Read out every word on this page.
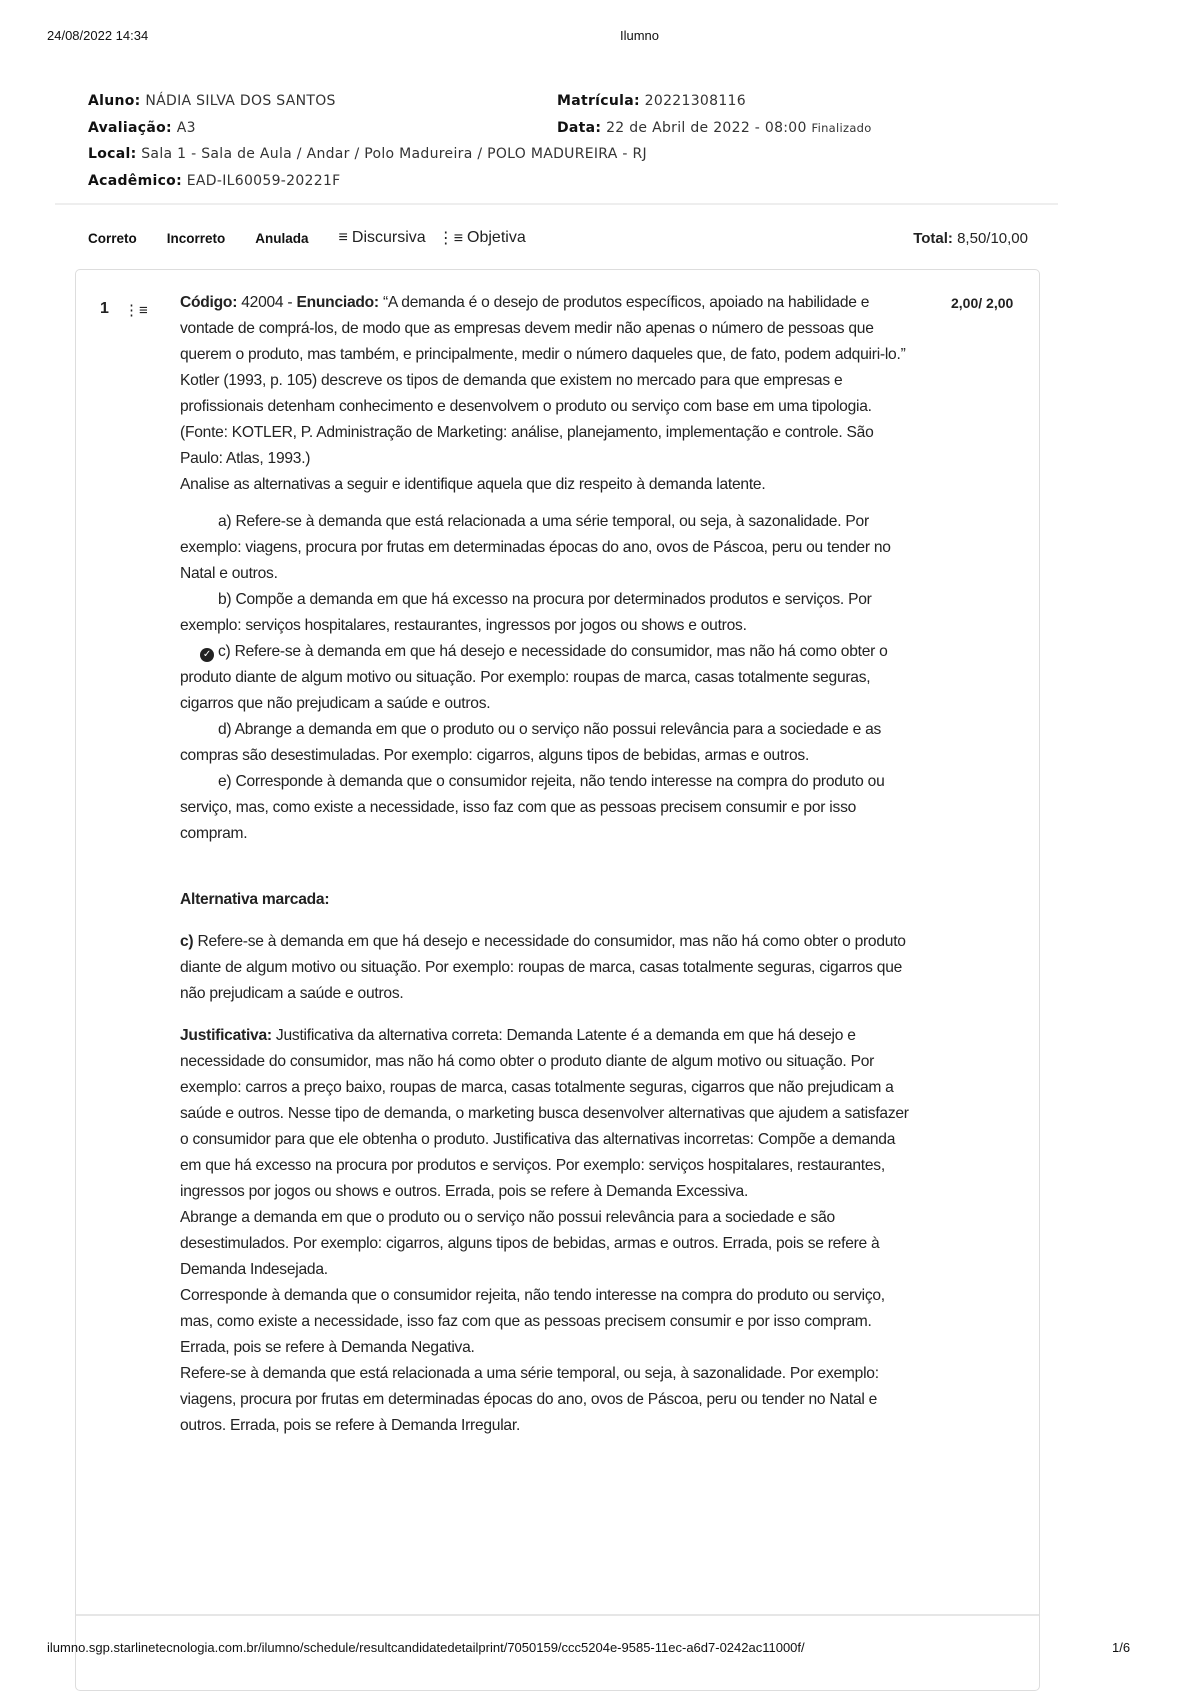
24/08/2022 14:34	Ilumno
Aluno: NÁDIA SILVA DOS SANTOS	Matrícula: 20221308116
Avaliação: A3	Data: 22 de Abril de 2022 - 08:00 Finalizado
Local: Sala 1 - Sala de Aula / Andar / Polo Madureira / POLO MADUREIRA - RJ
Acadêmico: EAD-IL60059-20221F
Correto Incorreto Anulada ≡ Discursiva ⋮≡ Objetiva	Total: 8,50/10,00
1 ⋮≡	2,00/ 2,00

Código: 42004 - Enunciado: “A demanda é o desejo de produtos específicos, apoiado na habilidade e vontade de comprá-los, de modo que as empresas devem medir não apenas o número de pessoas que querem o produto, mas também, e principalmente, medir o número daqueles que, de fato, podem adquiri-lo.” Kotler (1993, p. 105) descreve os tipos de demanda que existem no mercado para que empresas e profissionais detenham conhecimento e desenvolvem o produto ou serviço com base em uma tipologia. (Fonte: KOTLER, P. Administração de Marketing: análise, planejamento, implementação e controle. São Paulo: Atlas, 1993.)

Analise as alternativas a seguir e identifique aquela que diz respeito à demanda latente.

a) Refere-se à demanda que está relacionada a uma série temporal, ou seja, à sazonalidade. Por exemplo: viagens, procura por frutas em determinadas épocas do ano, ovos de Páscoa, peru ou tender no Natal e outros.

b) Compõe a demanda em que há excesso na procura por determinados produtos e serviços. Por exemplo: serviços hospitalares, restaurantes, ingressos por jogos ou shows e outros.

✓ c) Refere-se à demanda em que há desejo e necessidade do consumidor, mas não há como obter o produto diante de algum motivo ou situação. Por exemplo: roupas de marca, casas totalmente seguras, cigarros que não prejudicam a saúde e outros.

d) Abrange a demanda em que o produto ou o serviço não possui relevância para a sociedade e as compras são desestimuladas. Por exemplo: cigarros, alguns tipos de bebidas, armas e outros.

e) Corresponde à demanda que o consumidor rejeita, não tendo interesse na compra do produto ou serviço, mas, como existe a necessidade, isso faz com que as pessoas precisem consumir e por isso compram.

Alternativa marcada:

c) Refere-se à demanda em que há desejo e necessidade do consumidor, mas não há como obter o produto diante de algum motivo ou situação. Por exemplo: roupas de marca, casas totalmente seguras, cigarros que não prejudicam a saúde e outros.

Justificativa: Justificativa da alternativa correta: Demanda Latente é a demanda em que há desejo e necessidade do consumidor, mas não há como obter o produto diante de algum motivo ou situação. Por exemplo: carros a preço baixo, roupas de marca, casas totalmente seguras, cigarros que não prejudicam a saúde e outros. Nesse tipo de demanda, o marketing busca desenvolver alternativas que ajudem a satisfazer o consumidor para que ele obtenha o produto. Justificativa das alternativas incorretas: Compõe a demanda em que há excesso na procura por produtos e serviços. Por exemplo: serviços hospitalares, restaurantes, ingressos por jogos ou shows e outros. Errada, pois se refere à Demanda Excessiva.

Abrange a demanda em que o produto ou o serviço não possui relevância para a sociedade e são desestimulados. Por exemplo: cigarros, alguns tipos de bebidas, armas e outros. Errada, pois se refere à Demanda Indesejada.

Corresponde à demanda que o consumidor rejeita, não tendo interesse na compra do produto ou serviço, mas, como existe a necessidade, isso faz com que as pessoas precisem consumir e por isso compram. Errada, pois se refere à Demanda Negativa.

Refere-se à demanda que está relacionada a uma série temporal, ou seja, à sazonalidade. Por exemplo: viagens, procura por frutas em determinadas épocas do ano, ovos de Páscoa, peru ou tender no Natal e outros. Errada, pois se refere à Demanda Irregular.

ilumno.sgp.starlinetecnologia.com.br/ilumno/schedule/resultcandidatedetailprint/7050159/ccc5204e-9585-11ec-a6d7-0242ac11000f/	1/6
